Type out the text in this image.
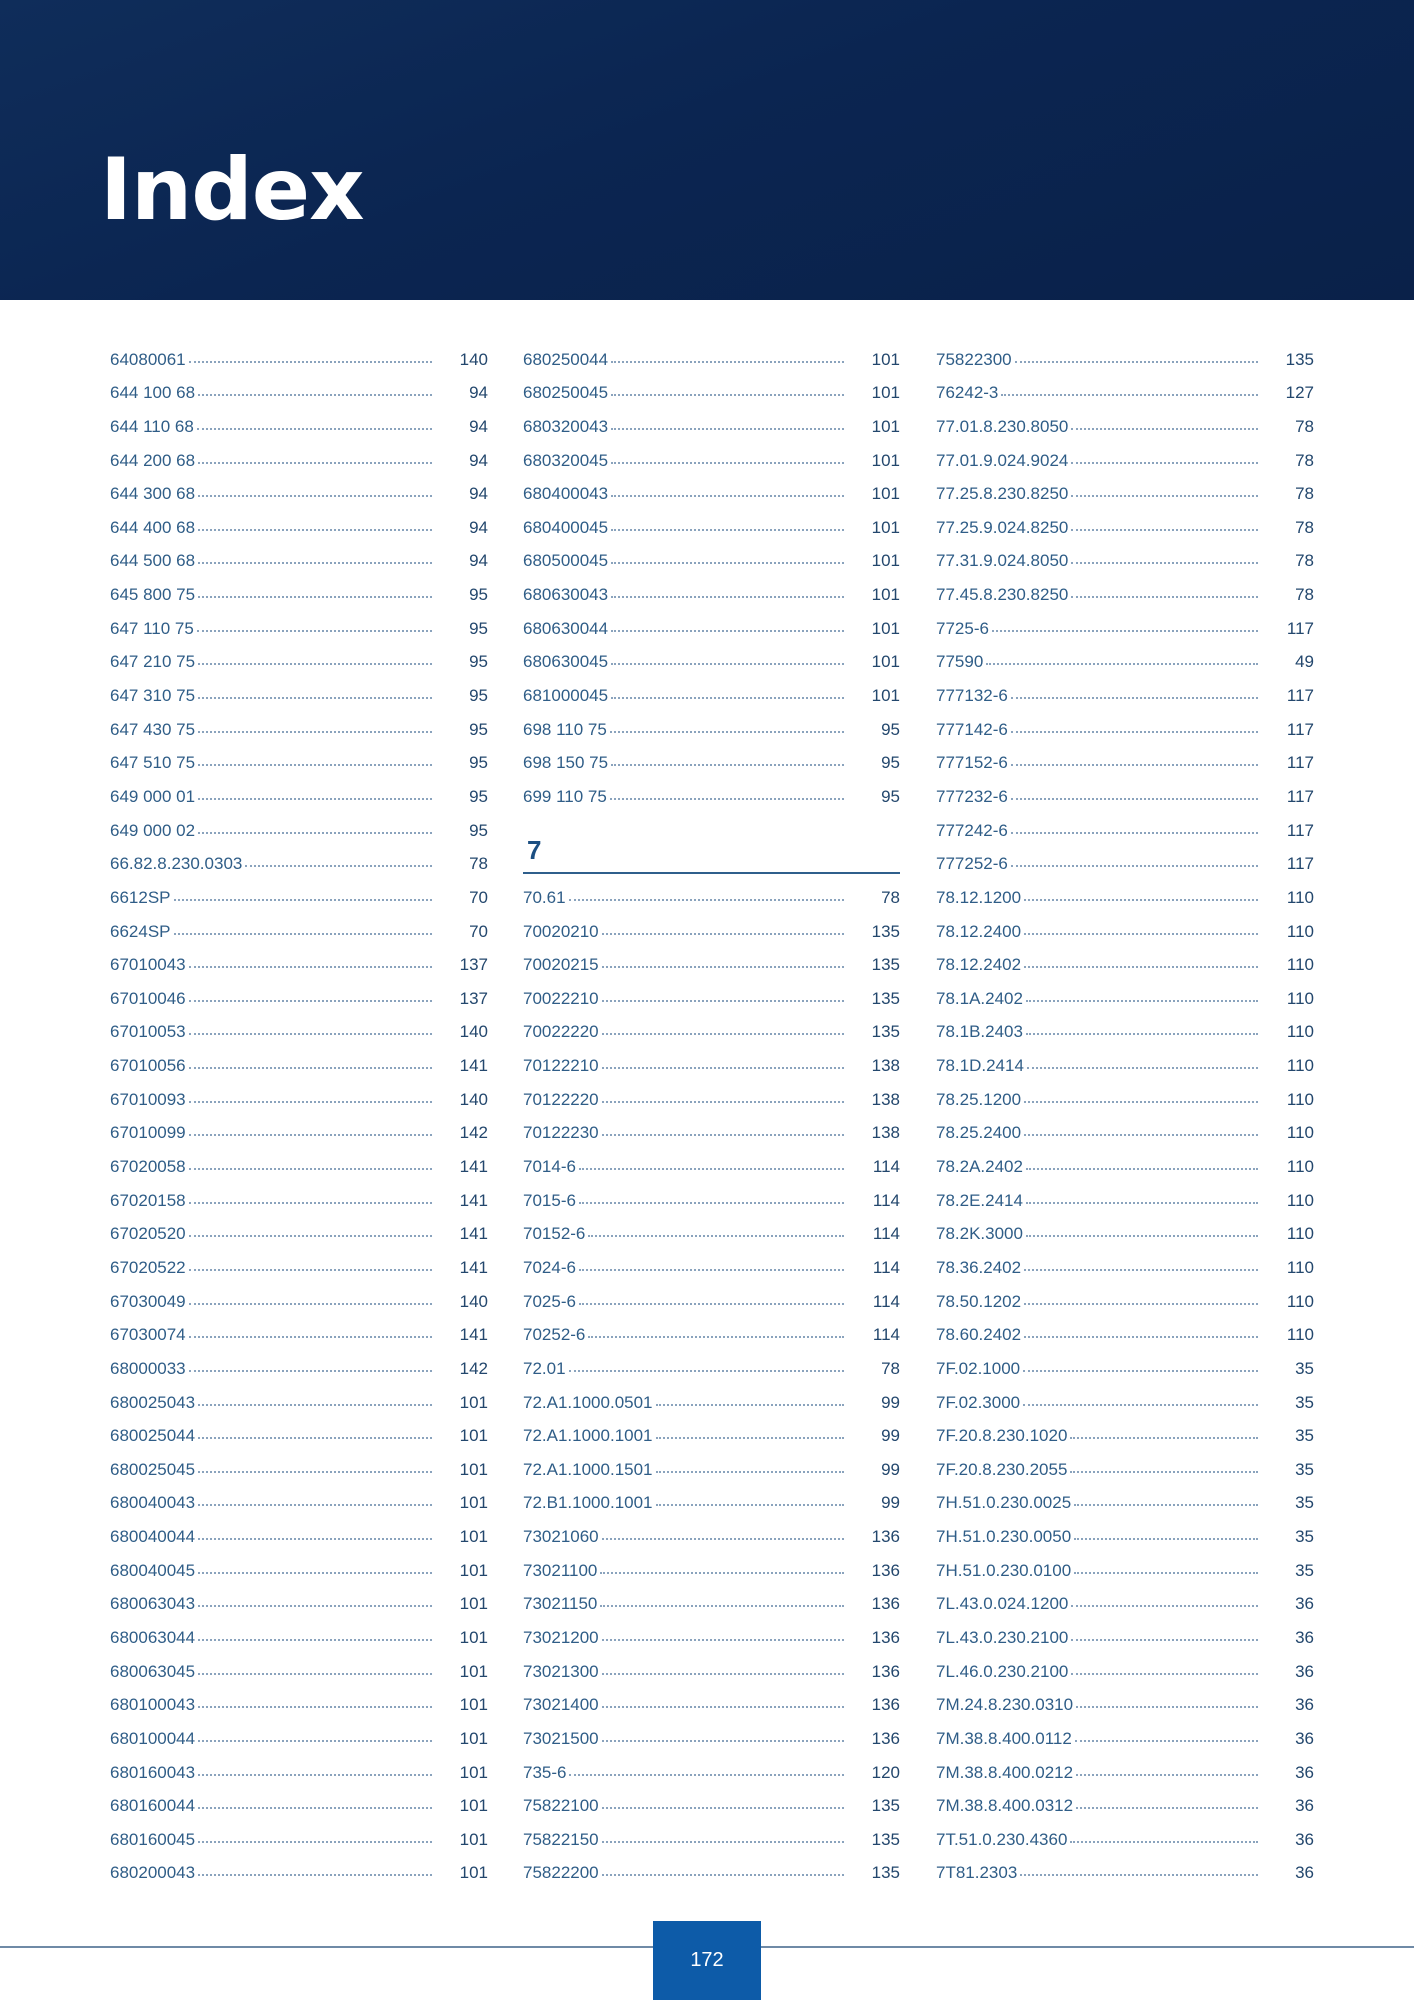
Index
64080061	140
644 100 68	94
644 110 68	94
644 200 68	94
644 300 68	94
644 400 68	94
644 500 68	94
645 800 75	95
647 110 75	95
647 210 75	95
647 310 75	95
647 430 75	95
647 510 75	95
649 000 01	95
649 000 02	95
66.82.8.230.0303	78
6612SP	70
6624SP	70
67010043	137
67010046	137
67010053	140
67010056	141
67010093	140
67010099	142
67020058	141
67020158	141
67020520	141
67020522	141
67030049	140
67030074	141
68000033	142
680025043	101
680025044	101
680025045	101
680040043	101
680040044	101
680040045	101
680063043	101
680063044	101
680063045	101
680100043	101
680100044	101
680160043	101
680160044	101
680160045	101
680200043	101
680250044	101
680250045	101
680320043	101
680320045	101
680400043	101
680400045	101
680500045	101
680630043	101
680630044	101
680630045	101
681000045	101
698 110 75	95
698 150 75	95
699 110 75	95
7
70.61	78
70020210	135
70020215	135
70022210	135
70022220	135
70122210	138
70122220	138
70122230	138
7014-6	114
7015-6	114
70152-6	114
7024-6	114
7025-6	114
70252-6	114
72.01	78
72.A1.1000.0501	99
72.A1.1000.1001	99
72.A1.1000.1501	99
72.B1.1000.1001	99
73021060	136
73021100	136
73021150	136
73021200	136
73021300	136
73021400	136
73021500	136
735-6	120
75822100	135
75822150	135
75822200	135
75822300	135
76242-3	127
77.01.8.230.8050	78
77.01.9.024.9024	78
77.25.8.230.8250	78
77.25.9.024.8250	78
77.31.9.024.8050	78
77.45.8.230.8250	78
7725-6	117
77590	49
777132-6	117
777142-6	117
777152-6	117
777232-6	117
777242-6	117
777252-6	117
78.12.1200	110
78.12.2400	110
78.12.2402	110
78.1A.2402	110
78.1B.2403	110
78.1D.2414	110
78.25.1200	110
78.25.2400	110
78.2A.2402	110
78.2E.2414	110
78.2K.3000	110
78.36.2402	110
78.50.1202	110
78.60.2402	110
7F.02.1000	35
7F.02.3000	35
7F.20.8.230.1020	35
7F.20.8.230.2055	35
7H.51.0.230.0025	35
7H.51.0.230.0050	35
7H.51.0.230.0100	35
7L.43.0.024.1200	36
7L.43.0.230.2100	36
7L.46.0.230.2100	36
7M.24.8.230.0310	36
7M.38.8.400.0112	36
7M.38.8.400.0212	36
7M.38.8.400.0312	36
7T.51.0.230.4360	36
7T81.2303	36
172
